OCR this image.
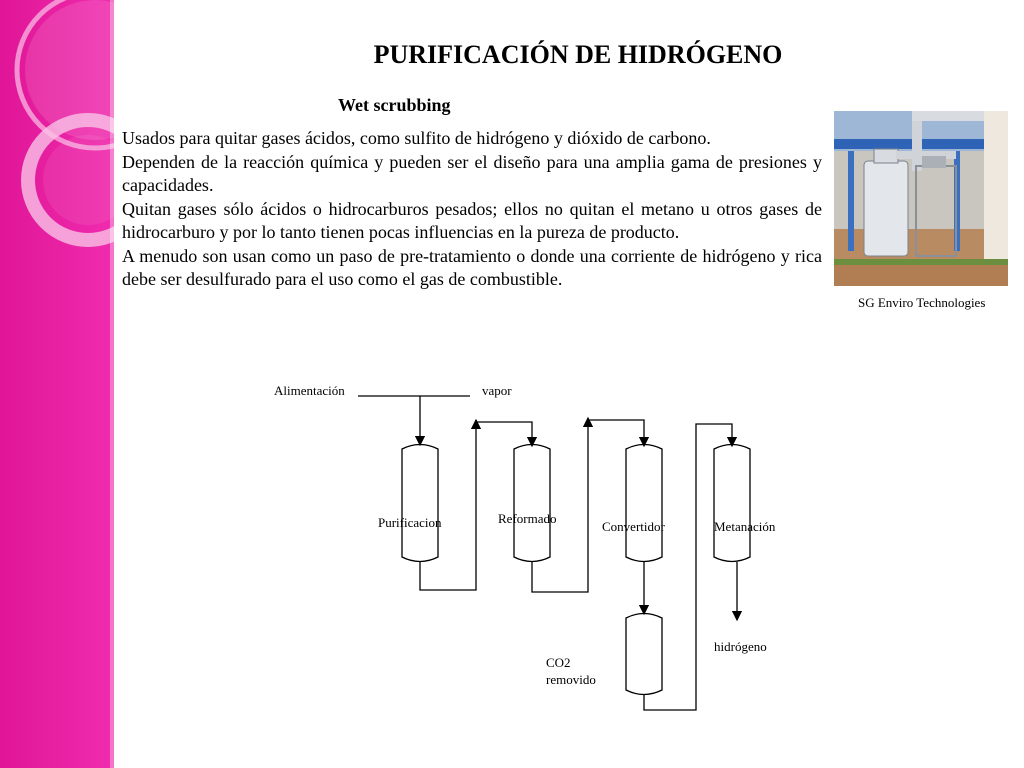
PURIFICACIÓN DE HIDRÓGENO
Wet scrubbing

Usados para quitar gases ácidos, como sulfito de hidrógeno y dióxido de carbono.

Dependen de la reacción química y pueden ser el diseño para una amplia gama de presiones y capacidades.

Quitan gases sólo ácidos o hidrocarburos pesados; ellos no quitan el metano u otros gases de hidrocarburo y por lo tanto tienen pocas influencias en la pureza de producto.

A menudo son usan como un paso de pre-tratamiento o donde una corriente de hidrógeno y rica debe ser desulfurado para el uso como el gas de combustible.

SG Enviro Technologies
Alimentación	vapor
Purificacion	Reformado
Convertidor	Metanación
CO2
removido
hidrógeno
